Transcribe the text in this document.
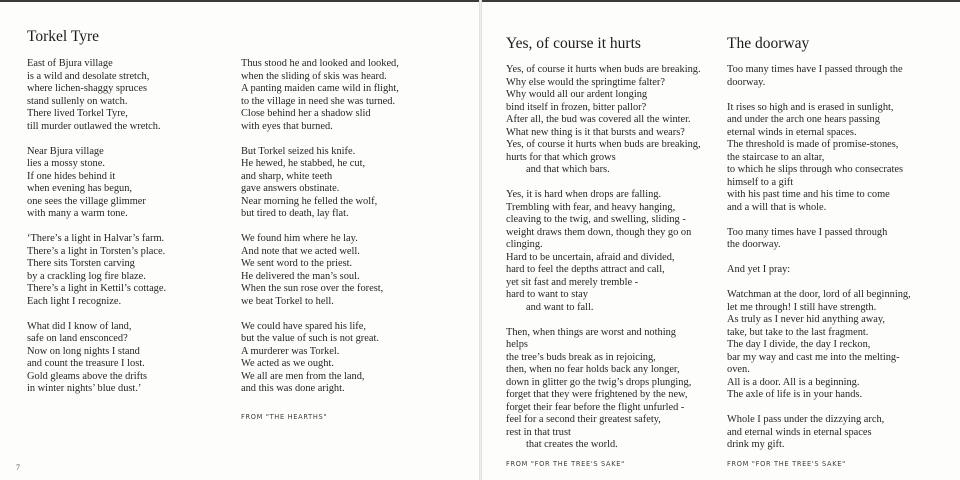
Torkel Tyre
East of Bjura village
is a wild and desolate stretch,
where lichen-shaggy spruces
stand sullenly on watch.
There lived Torkel Tyre,
till murder outlawed the wretch.
Near Bjura village
lies a mossy stone.
If one hides behind it
when evening has begun,
one sees the village glimmer
with many a warm tone.
‘There’s a light in Halvar’s farm.
There’s a light in Torsten’s place.
There sits Torsten carving
by a crackling log fire blaze.
There’s a light in Kettil’s cottage.
Each light I recognize.
What did I know of land,
safe on land ensconced?
Now on long nights I stand
and count the treasure I lost.
Gold gleams above the drifts
in winter nights’ blue dust.’
Thus stood he and looked and looked,
when the sliding of skis was heard.
A panting maiden came wild in flight,
to the village in need she was turned.
Close behind her a shadow slid
with eyes that burned.
But Torkel seized his knife.
He hewed, he stabbed, he cut,
and sharp, white teeth
gave answers obstinate.
Near morning he felled the wolf,
but tired to death, lay flat.
We found him where he lay.
And note that we acted well.
We sent word to the priest.
He delivered the man’s soul.
When the sun rose over the forest,
we beat Torkel to hell.
We could have spared his life,
but the value of such is not great.
A murderer was Torkel.
We acted as we ought.
We all are men from the land,
and this was done aright.
FROM "THE HEARTHS"
7
Yes, of course it hurts
Yes, of course it hurts when buds are breaking.
Why else would the springtime falter?
Why would all our ardent longing
bind itself in frozen, bitter pallor?
After all, the bud was covered all the winter.
What new thing is it that bursts and wears?
Yes, of course it hurts when buds are breaking,
hurts for that which grows
and that which bars.
Yes, it is hard when drops are falling.
Trembling with fear, and heavy hanging,
cleaving to the twig, and swelling, sliding -
weight draws them down, though they go on
clinging.
Hard to be uncertain, afraid and divided,
hard to feel the depths attract and call,
yet sit fast and merely tremble -
hard to want to stay
and want to fall.
Then, when things are worst and nothing
helps
the tree’s buds break as in rejoicing,
then, when no fear holds back any longer,
down in glitter go the twig’s drops plunging,
forget that they were frightened by the new,
forget their fear before the flight unfurled -
feel for a second their greatest safety,
rest in that trust
that creates the world.
FROM "FOR THE TREE'S SAKE"
The doorway
Too many times have I passed through the
doorway.
It rises so high and is erased in sunlight,
and under the arch one hears passing
eternal winds in eternal spaces.
The threshold is made of promise-stones,
the staircase to an altar,
to which he slips through who consecrates
himself to a gift
with his past time and his time to come
and a will that is whole.
Too many times have I passed through
the doorway.
And yet I pray:
Watchman at the door, lord of all beginning,
let me through! I still have strength.
As truly as I never hid anything away,
take, but take to the last fragment.
The day I divide, the day I reckon,
bar my way and cast me into the melting-
oven.
All is a door. All is a beginning.
The axle of life is in your hands.
Whole I pass under the dizzying arch,
and eternal winds in eternal spaces
drink my gift.
FROM "FOR THE TREE'S SAKE"
